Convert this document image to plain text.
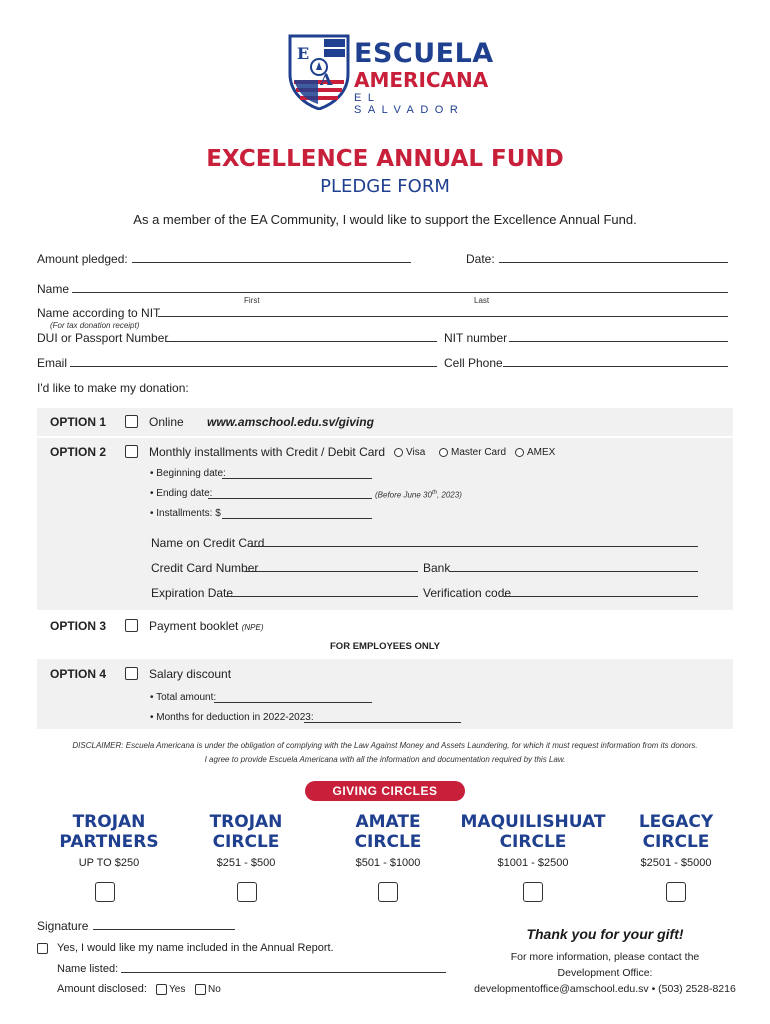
E
A
ESCUELA
AMERICANA
EL SALVADOR
EXCELLENCE ANNUAL FUND
PLEDGE FORM
As a member of the EA Community, I would like to support the Excellence Annual Fund.
Amount pledged:	Date:
Name
First	Last
Name according to NIT
(For tax donation receipt)
DUI or Passport Number	NIT number
Email	Cell Phone
I'd like to make my donation:
OPTION 1	Online www.amschool.edu.sv/giving
OPTION 2	Monthly installments with Credit / Debit Card Visa	Master Card AMEX
• Beginning date:
• Ending date:	(Before June 30th, 2023)
• Installments: $
Name on Credit Card
Credit Card Number	Bank
Expiration Date	Verification code
OPTION 3	Payment booklet (NPE)
FOR EMPLOYEES ONLY
OPTION 4	Salary discount
• Total amount:
• Months for deduction in 2022-2023:
DISCLAIMER: Escuela Americana is under the obligation of complying with the Law Against Money and Assets Laundering, for which it must request information from its donors.
I agree to provide Escuela Americana with all the information and documentation required by this Law.
GIVING CIRCLES
TROJAN
PARTNERS
UP TO $250
TROJAN
CIRCLE
$251 - $500
AMATE
CIRCLE
$501 - $1000
MAQUILISHUAT
CIRCLE
$1001 - $2500
LEGACY
CIRCLE
$2501 - $5000
Signature
Yes, I would like my name included in the Annual Report.
Name listed:
Amount disclosed: Yes No
Thank you for your gift!
For more information, please contact the
Development Office:
developmentoffice@amschool.edu.sv • (503) 2528-8216
